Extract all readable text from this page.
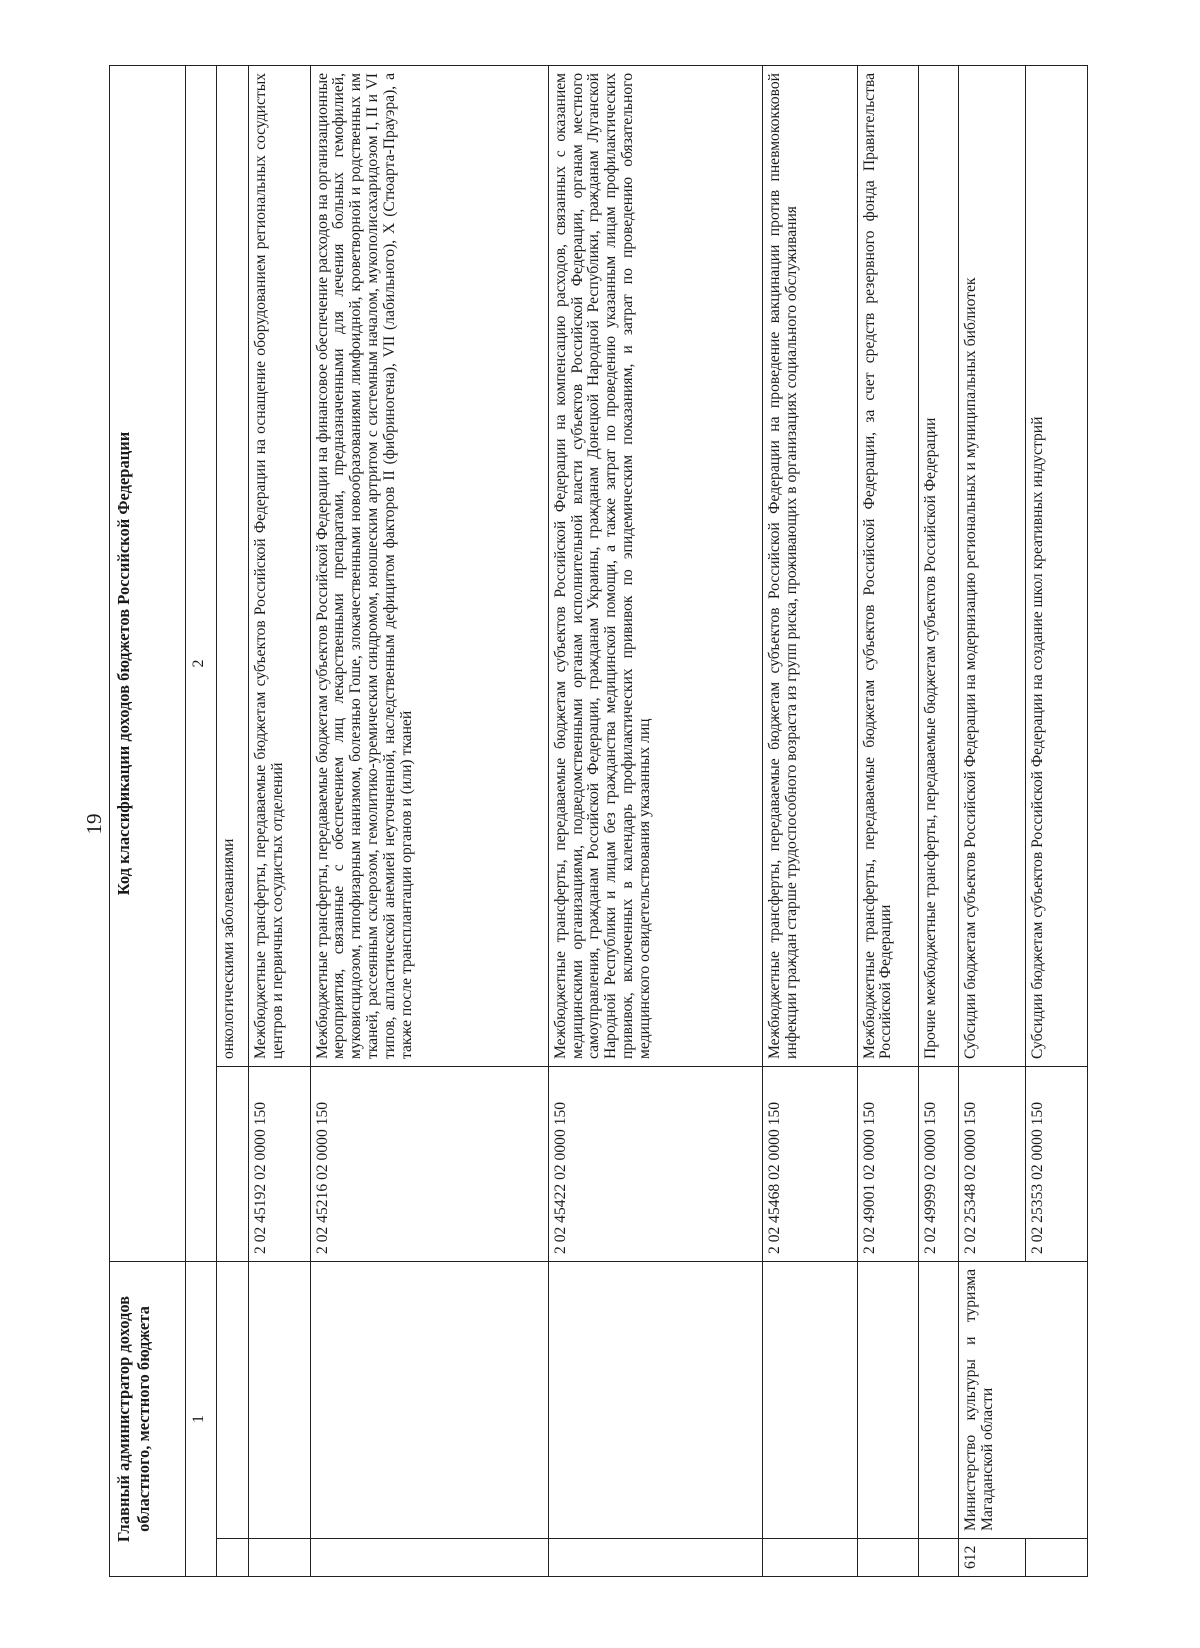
19
Главный администратор доходов областного, местного бюджета		Код классификации доходов бюджетов Российской Федерации	
1		2	
			онкологическими заболеваниями
		2 02 45192 02 0000 150	Межбюджетные трансферты, передаваемые бюджетам субъектов Российской Федерации на оснащение оборудованием региональных сосудистых центров и первичных сосудистых отделений
		2 02 45216 02 0000 150	Межбюджетные трансферты, передаваемые бюджетам субъектов Российской Федерации на финансовое обеспечение расходов на организационные мероприятия, связанные с обеспечением лиц лекарственными препаратами, предназначенными для лечения больных гемофилией, муковисцидозом, гипофизарным нанизмом, болезнью Гоше, злокачественными новообразованиями лимфоидной, кроветворной и родственных им тканей, рассеянным склерозом, гемолитико-уремическим синдромом, юношеским артритом с системным началом, мукополисахаридозом I, II и VI типов, апластической анемией неуточненной, наследственным дефицитом факторов II (фибриногена), VII (лабильного), X (Стюарта-Прауэра), а также после трансплантации органов и (или) тканей
		2 02 45422 02 0000 150	Межбюджетные трансферты, передаваемые бюджетам субъектов Российской Федерации на компенсацию расходов, связанных с оказанием медицинскими организациями, подведомственными органам исполнительной власти субъектов Российской Федерации, органам местного самоуправления, гражданам Российской Федерации, гражданам Украины, гражданам Донецкой Народной Республики, гражданам Луганской Народной Республики и лицам без гражданства медицинской помощи, а также затрат по проведению указанным лицам профилактических прививок, включенных в календарь профилактических прививок по эпидемическим показаниям, и затрат по проведению обязательного медицинского освидетельствования указанных лиц
		2 02 45468 02 0000 150	Межбюджетные трансферты, передаваемые бюджетам субъектов Российской Федерации на проведение вакцинации против пневмококковой инфекции граждан старше трудоспособного возраста из групп риска, проживающих в организациях социального обслуживания
		2 02 49001 02 0000 150	Межбюджетные трансферты, передаваемые бюджетам субъектов Российской Федерации, за счет средств резервного фонда Правительства Российской Федерации
		2 02 49999 02 0000 150	Прочие межбюджетные трансферты, передаваемые бюджетам субъектов Российской Федерации
612	Министерство культуры и туризма Магаданской области	2 02 25348 02 0000 150	Субсидии бюджетам субъектов Российской Федерации на модернизацию региональных и муниципальных библиотек
		2 02 25353 02 0000 150	Субсидии бюджетам субъектов Российской Федерации на создание школ креативных индустрий
